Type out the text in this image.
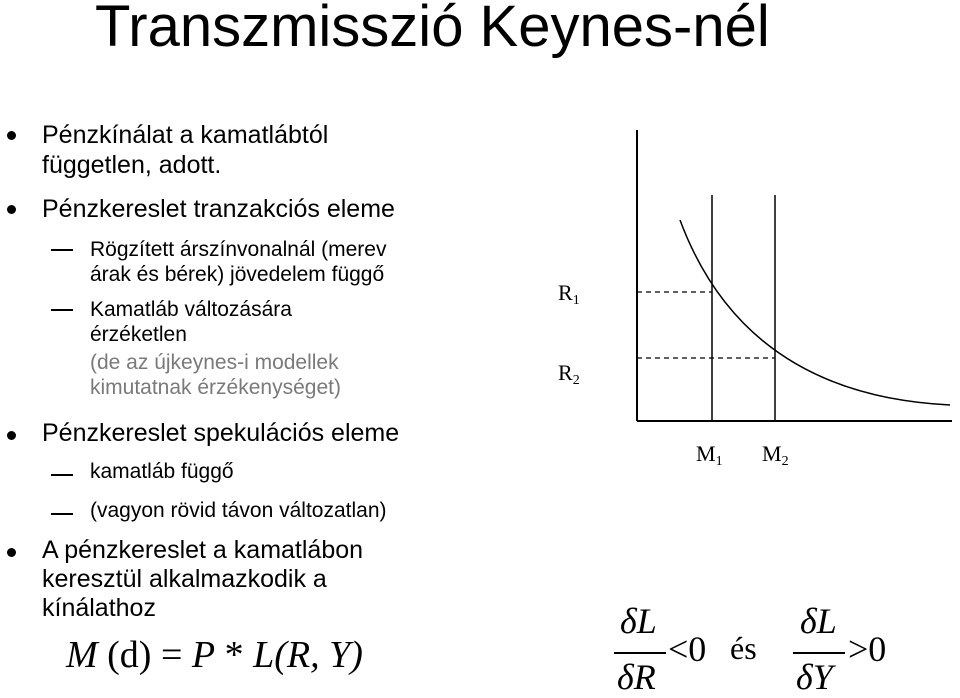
Transzmisszió Keynes-nél

Pénzkínálat a kamatlábtól

független, adott.

Pénzkereslet tranzakciós eleme

Rögzített árszínvonalnál (merev

árak és bérek) jövedelem függő

Kamatláb változására

érzéketlen

(de az újkeynes-i modellek

kimutatnak érzékenységet)

Pénzkereslet spekulációs eleme

kamatláb függő

(vagyon rövid távon változatlan)

A pénzkereslet a kamatlábon

keresztül alkalmazkodik a

kínálathoz

M (d) = P * L(R, Y)
$R_1$
$R_2$
$M_1$ $M_2$
δL
δR
<0 és
δL
δY
>0
